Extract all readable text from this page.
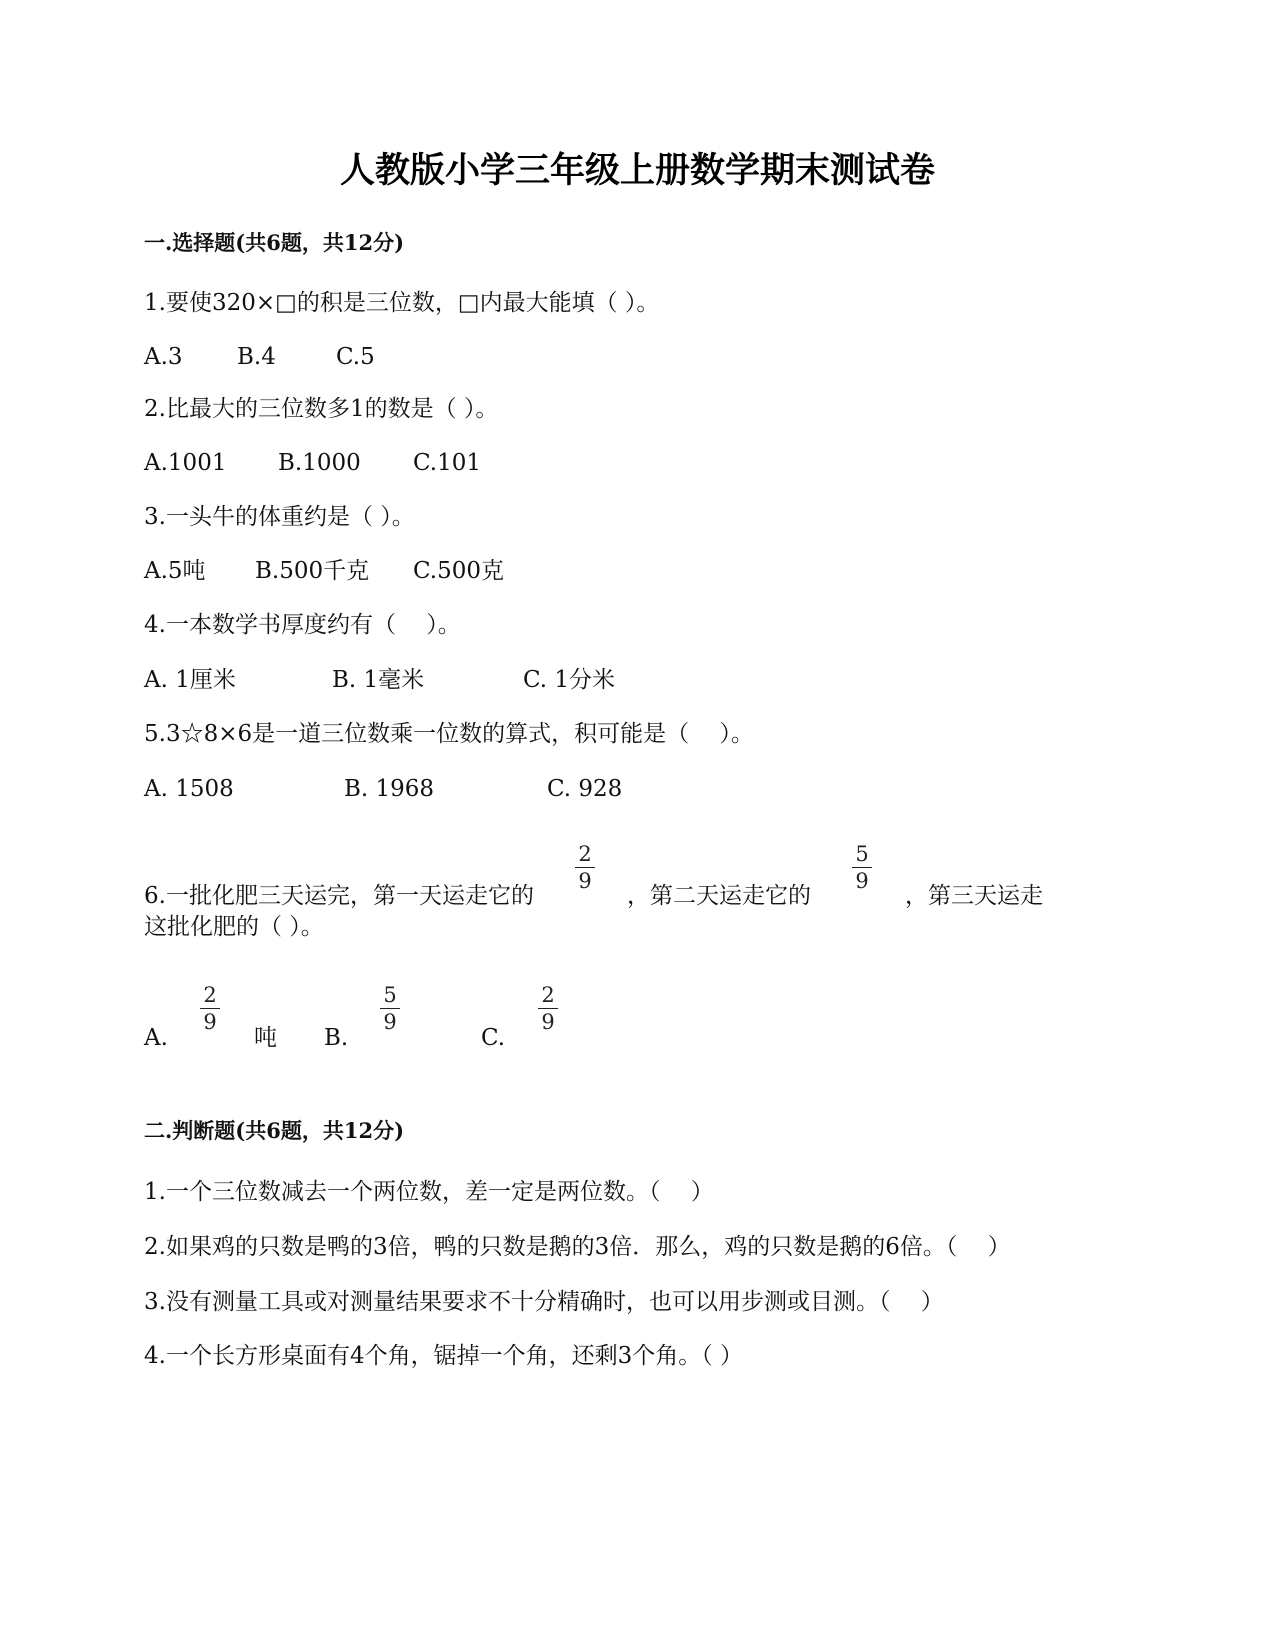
人教版小学三年级上册数学期末测试卷
一.选择题(共6题，共12分)
1.要使320×□的积是三位数，□内最大能填（ ）。
A.3 B.4	C.5
2.比最大的三位数多1的数是（ ）。
A.1001 B.1000 C.101
3.一头牛的体重约是（ ）。
A.5吨 B.500千克 C.500克
4.一本数学书厚度约有（　 ）。
A. 1厘米	B. 1毫米	C. 1分米
5.3☆8×6是一道三位数乘一位数的算式，积可能是（　 ）。
A. 1508	B. 1968	C. 928
6.一批化肥三天运完，第一天运走它的
2
9
，第二天运走它的
5
9
，第三天运走
这批化肥的（ ）。
A.
2
9
吨 B.
5
9
C.
2
9
二.判断题(共6题，共12分)
1.一个三位数减去一个两位数，差一定是两位数。（　 ）
2.如果鸡的只数是鸭的3倍，鸭的只数是鹅的3倍．那么，鸡的只数是鹅的6倍。（　 ）
3.没有测量工具或对测量结果要求不十分精确时，也可以用步测或目测。（　 ）
4.一个长方形桌面有4个角，锯掉一个角，还剩3个角。（ ）
